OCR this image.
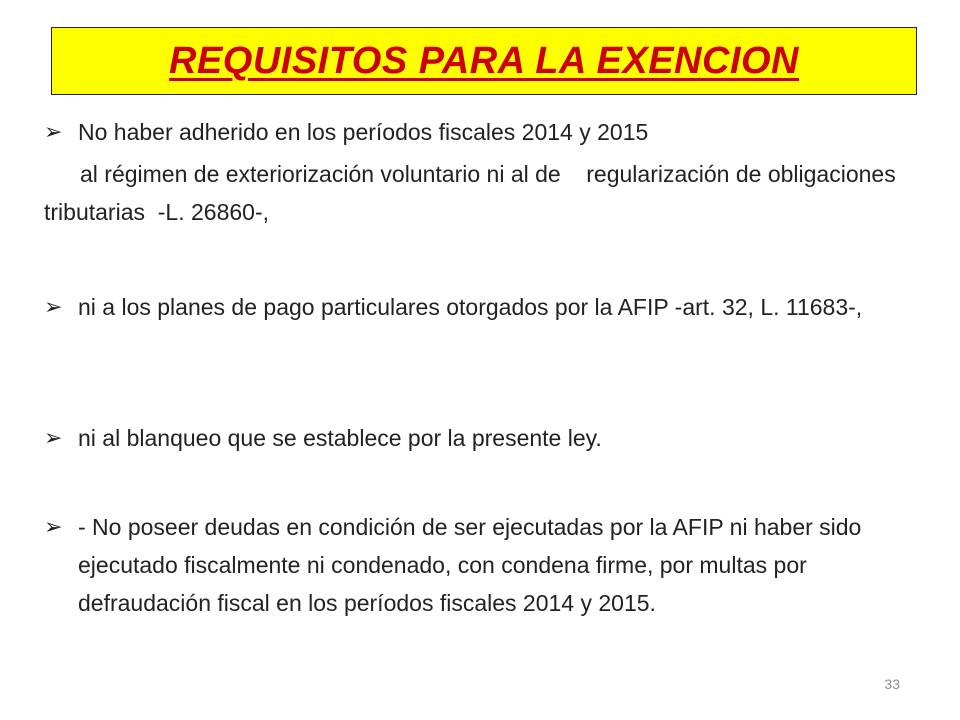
REQUISITOS PARA LA EXENCION
➢ No haber adherido en los períodos fiscales 2014 y 2015
al régimen de exteriorización voluntario ni al de    regularización de obligaciones tributarias  -L. 26860-,
➢ ni a los planes de pago particulares otorgados por la AFIP -art. 32, L. 11683-,
➢ ni al blanqueo que se establece por la presente ley.
➢ - No poseer deudas en condición de ser ejecutadas por la AFIP ni haber sido ejecutado fiscalmente ni condenado, con condena firme, por multas por defraudación fiscal en los períodos fiscales 2014 y 2015.
33
